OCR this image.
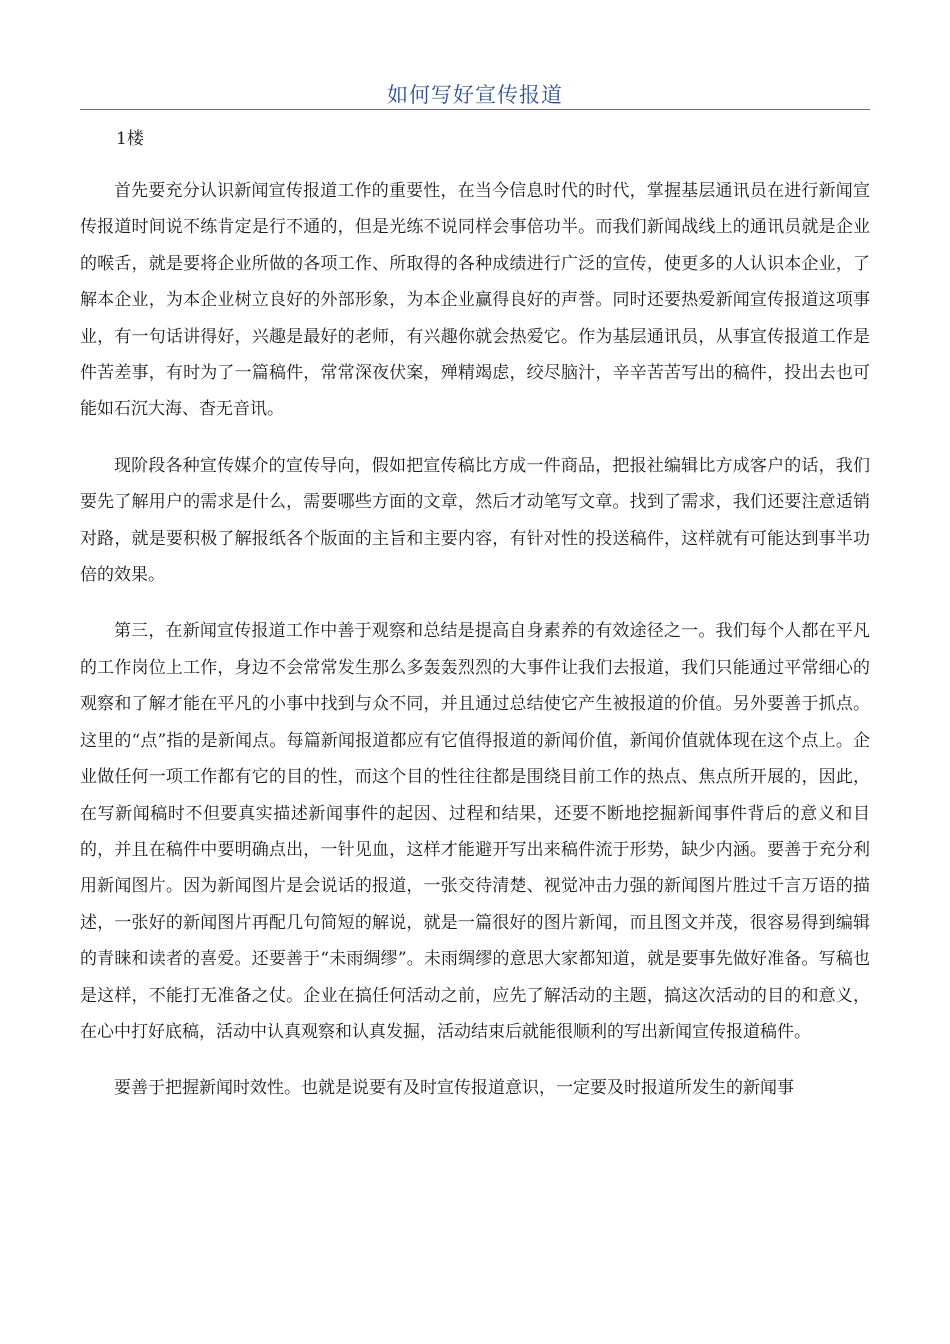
如何写好宣传报道
1楼

首先要充分认识新闻宣传报道工作的重要性，在当今信息时代的时代，掌握基层通讯员在进行新闻宣传报道时间说不练肯定是行不通的，但是光练不说同样会事倍功半。而我们新闻战线上的通讯员就是企业的喉舌，就是要将企业所做的各项工作、所取得的各种成绩进行广泛的宣传，使更多的人认识本企业，了解本企业，为本企业树立良好的外部形象，为本企业赢得良好的声誉。同时还要热爱新闻宣传报道这项事业，有一句话讲得好，兴趣是最好的老师，有兴趣你就会热爱它。作为基层通讯员，从事宣传报道工作是件苦差事，有时为了一篇稿件，常常深夜伏案，殚精竭虑，绞尽脑汁，辛辛苦苦写出的稿件，投出去也可能如石沉大海、杳无音讯。

现阶段各种宣传媒介的宣传导向，假如把宣传稿比方成一件商品，把报社编辑比方成客户的话，我们要先了解用户的需求是什么，需要哪些方面的文章，然后才动笔写文章。找到了需求，我们还要注意适销对路，就是要积极了解报纸各个版面的主旨和主要内容，有针对性的投送稿件，这样就有可能达到事半功倍的效果。

第三，在新闻宣传报道工作中善于观察和总结是提高自身素养的有效途径之一。我们每个人都在平凡的工作岗位上工作，身边不会常常发生那么多轰轰烈烈的大事件让我们去报道，我们只能通过平常细心的观察和了解才能在平凡的小事中找到与众不同，并且通过总结使它产生被报道的价值。另外要善于抓点。这里的“点”指的是新闻点。每篇新闻报道都应有它值得报道的新闻价值，新闻价值就体现在这个点上。企业做任何一项工作都有它的目的性，而这个目的性往往都是围绕目前工作的热点、焦点所开展的，因此，在写新闻稿时不但要真实描述新闻事件的起因、过程和结果，还要不断地挖掘新闻事件背后的意义和目的，并且在稿件中要明确点出，一针见血，这样才能避开写出来稿件流于形势，缺少内涵。要善于充分利用新闻图片。因为新闻图片是会说话的报道，一张交待清楚、视觉冲击力强的新闻图片胜过千言万语的描述，一张好的新闻图片再配几句简短的解说，就是一篇很好的图片新闻，而且图文并茂，很容易得到编辑的青睐和读者的喜爱。还要善于“未雨绸缪”。未雨绸缪的意思大家都知道，就是要事先做好准备。写稿也是这样，不能打无准备之仗。企业在搞任何活动之前，应先了解活动的主题，搞这次活动的目的和意义，在心中打好底稿，活动中认真观察和认真发掘，活动结束后就能很顺利的写出新闻宣传报道稿件。

要善于把握新闻时效性。也就是说要有及时宣传报道意识，一定要及时报道所发生的新闻事
